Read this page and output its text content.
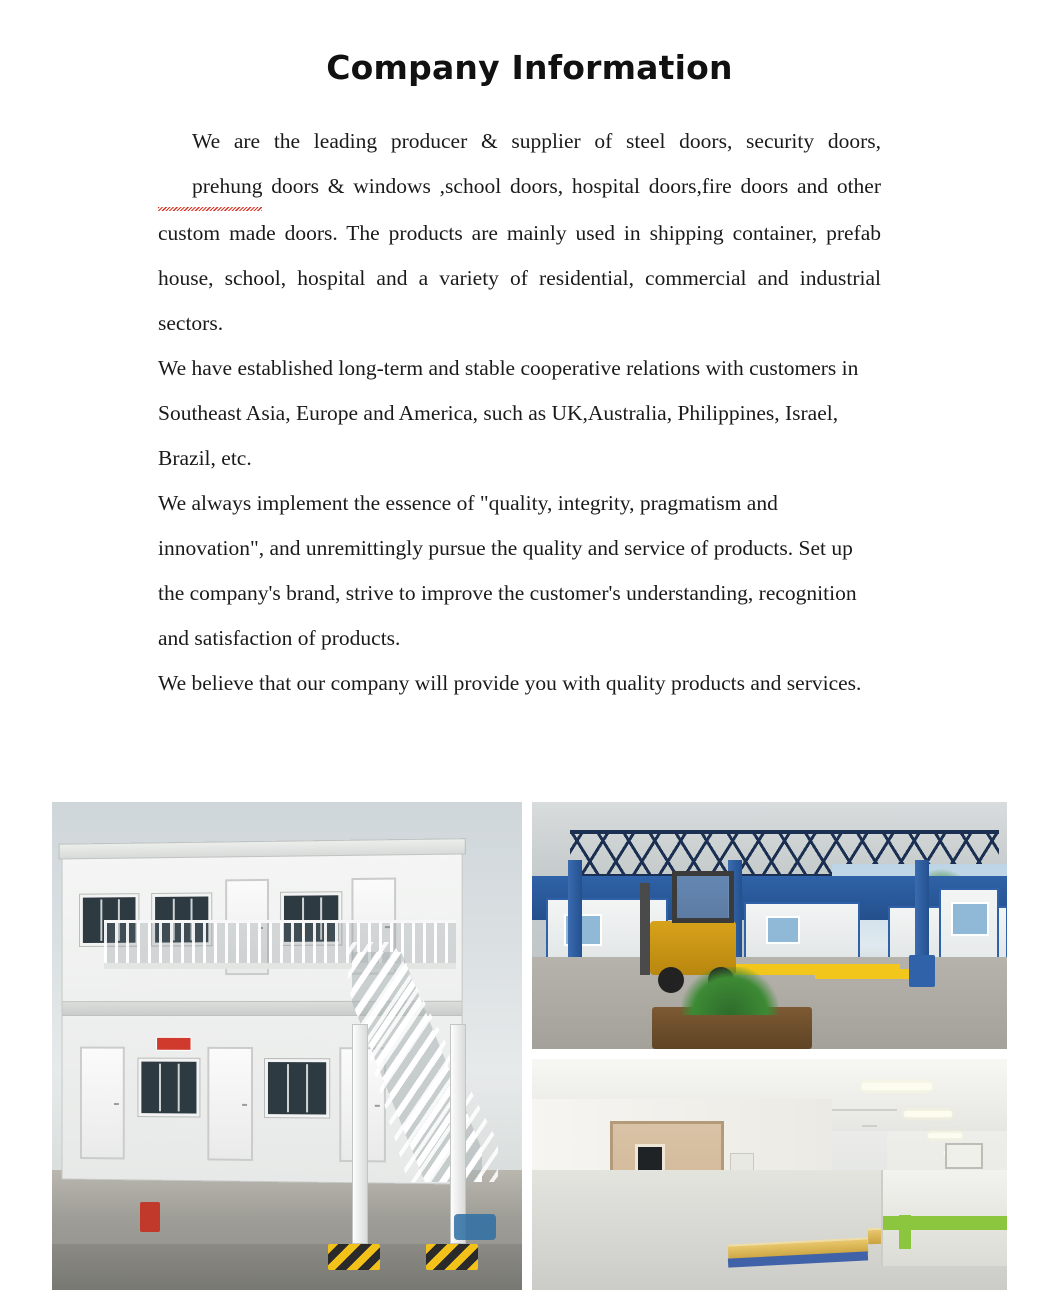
Company Information

We are the leading producer & supplier of steel doors, security doors, prehung doors & windows ,school doors, hospital doors,fire doors and other custom made doors. The products are mainly used in shipping container, prefab house, school, hospital and a variety of residential, commercial and industrial sectors.

We have established long-term and stable cooperative relations with customers in Southeast Asia, Europe and America, such as UK,Australia, Philippines, Israel, Brazil, etc.

We always implement the essence of "quality, integrity, pragmatism and innovation", and unremittingly pursue the quality and service of products. Set up the company's brand, strive to improve the customer's understanding, recognition and satisfaction of products.

We believe that our company will provide you with quality products and services.
